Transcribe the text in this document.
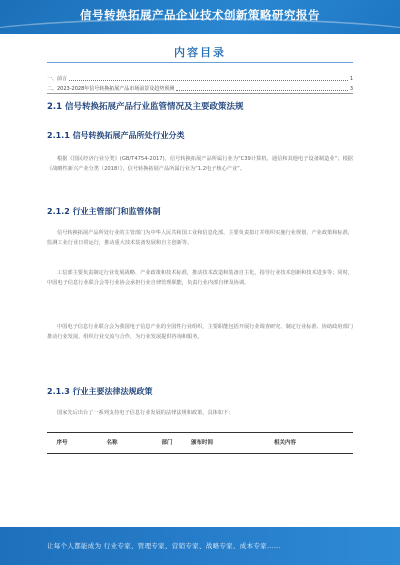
信号转换拓展产品企业技术创新策略研究报告
内容目录
一、前言	1
二、2023-2028年信号转换拓展产品市场前景及趋势预测	3
2.1 信号转换拓展产品行业监管情况及主要政策法规
2.1.1 信号转换拓展产品所处行业分类
根据《国民经济行业分类》(GB/T4754-2017)，信号转换拓展产品所属行业为“C39计算机、通信和其他电子设备制造业”；根据《战略性新兴产业分类（2018）》，信号转换拓展产品所属行业为“1.2电子核心产业”。
2.1.2 行业主管部门和监管体制
信号转换拓展产品所处行业的主管部门为中华人民共和国工业和信息化部，主要负责拟订并组织实施行业规划、产业政策和标准，监测工业行业日常运行，推动重大技术装备发展和自主创新等。
工信部主要负责制定行业发展战略、产业政策和技术标准，推动技术改造和装备自主化，指导行业技术创新和技术进步等；同时，中国电子信息行业联合会等行业协会承担行业自律管理职能，负责行业内部自律及协调。
中国电子信息行业联合会为我国电子信息产业的全国性行业组织，主要职能包括开展行业调查研究、制定行业标准、协助政府部门推动行业发展、组织行业交流与合作，为行业发展提供咨询和服务。
2.1.3 行业主要法律法规政策
国家先后出台了一系列支持电子信息行业发展的法律法规和政策，具体如下：
序号	名称	部门	颁布时间	相关内容
让每个人都能成为 行业专家、管理专家、营销专家、战略专家、成本专家……
